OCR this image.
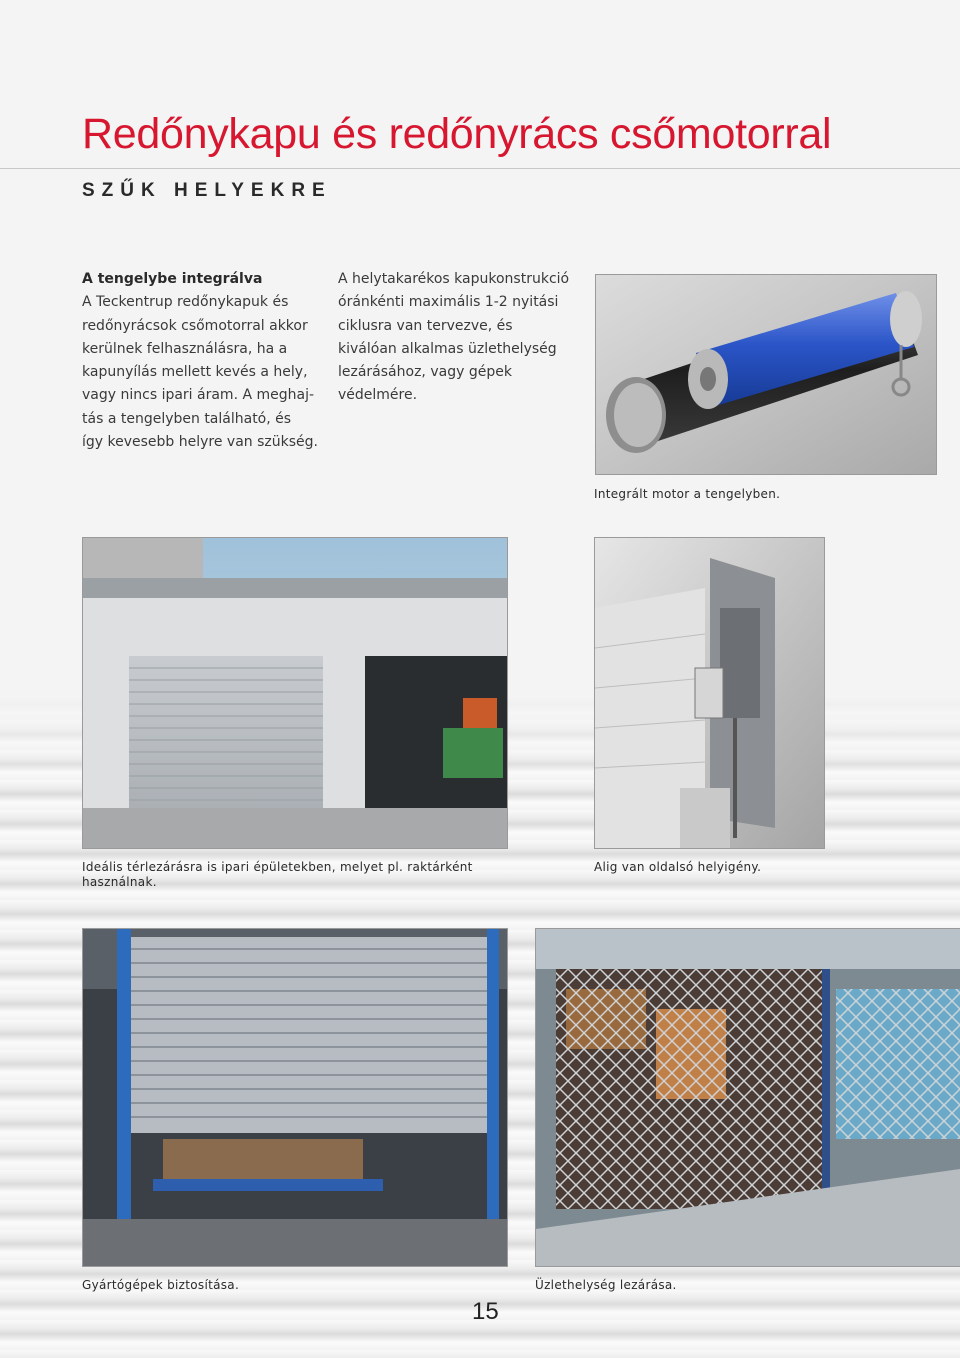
Redőnykapu és redőnyrács csőmotorral
SZŰK HELYEKRE
A tengelybe integrálva
A Teckentrup redőnykapuk és
redőnyrácsok csőmotorral akkor
kerülnek felhasználásra, ha a
kapunyílás mellett kevés a hely,
vagy nincs ipari áram. A meghaj-
tás a tengelyben található, és
így kevesebb helyre van szükség.
A helytakarékos kapukonstrukció
óránkénti maximális 1-2 nyitási
ciklusra van tervezve, és
kiválóan alkalmas üzlethelység
lezárásához, vagy gépek
védelmére.
Integrált motor a tengelyben.
Ideális térlezárásra is ipari épületekben, melyet pl. raktárként
használnak.
Alig van oldalsó helyigény.
Gyártógépek biztosítása.	Üzlethelység lezárása.
15
